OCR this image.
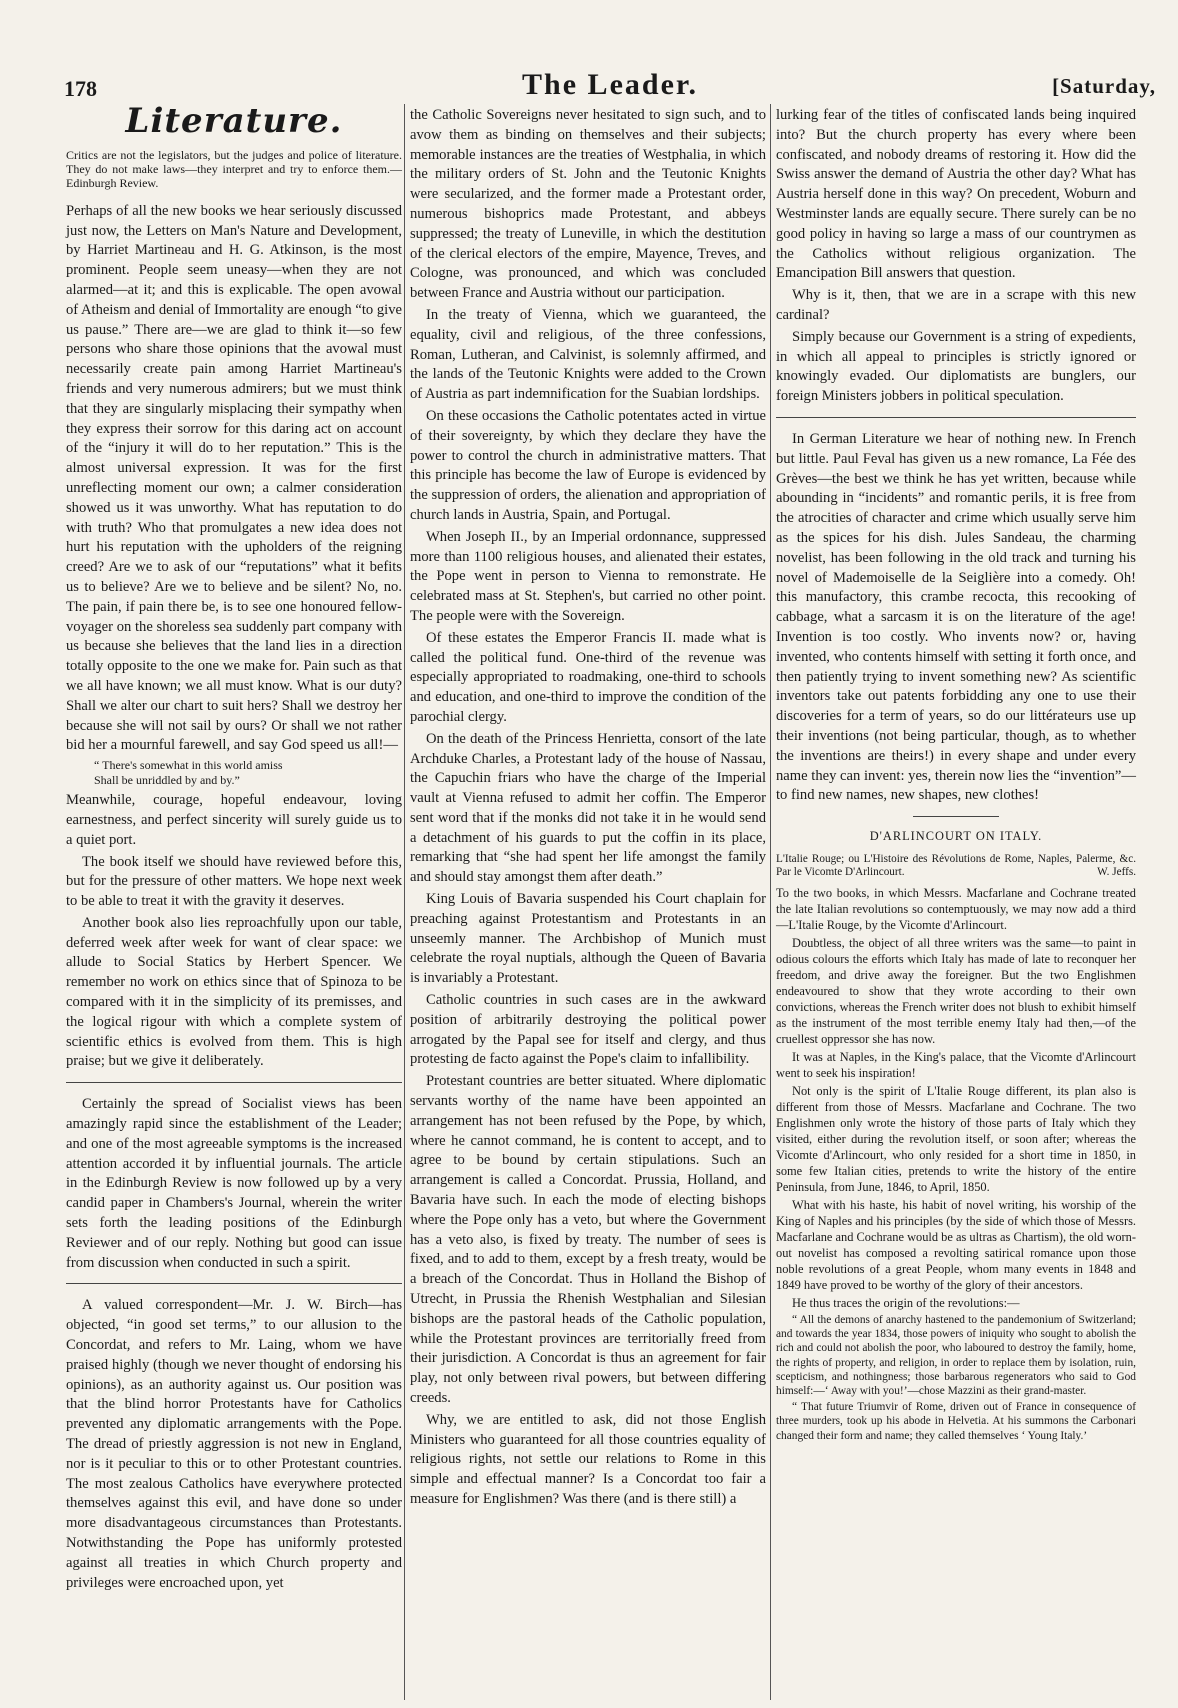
178	The Leader.	[Saturday,
Literature.
Critics are not the legislators, but the judges and police of literature. They do not make laws—they interpret and try to enforce them.—Edinburgh Review.

Perhaps of all the new books we hear seriously discussed just now, the Letters on Man's Nature and Development, by Harriet Martineau and H. G. Atkinson, is the most prominent. People seem uneasy—when they are not alarmed—at it; and this is explicable. The open avowal of Atheism and denial of Immortality are enough “to give us pause.” There are—we are glad to think it—so few persons who share those opinions that the avowal must necessarily create pain among Harriet Martineau's friends and very numerous admirers; but we must think that they are singularly misplacing their sympathy when they express their sorrow for this daring act on account of the “injury it will do to her reputation.” This is the almost universal expression. It was for the first unreflecting moment our own; a calmer consideration showed us it was unworthy. What has reputation to do with truth? Who that promulgates a new idea does not hurt his reputation with the upholders of the reigning creed? Are we to ask of our “reputations” what it befits us to believe? Are we to believe and be silent? No, no. The pain, if pain there be, is to see one honoured fellow-voyager on the shoreless sea suddenly part company with us because she believes that the land lies in a direction totally opposite to the one we make for. Pain such as that we all have known; we all must know. What is our duty? Shall we alter our chart to suit hers? Shall we destroy her because she will not sail by ours? Or shall we not rather bid her a mournful farewell, and say God speed us all!—

“ There's somewhat in this world amiss
Shall be unriddled by and by.”

Meanwhile, courage, hopeful endeavour, loving earnestness, and perfect sincerity will surely guide us to a quiet port.

The book itself we should have reviewed before this, but for the pressure of other matters. We hope next week to be able to treat it with the gravity it deserves.

Another book also lies reproachfully upon our table, deferred week after week for want of clear space: we allude to Social Statics by Herbert Spencer. We remember no work on ethics since that of Spinoza to be compared with it in the simplicity of its premisses, and the logical rigour with which a complete system of scientific ethics is evolved from them. This is high praise; but we give it deliberately.

Certainly the spread of Socialist views has been amazingly rapid since the establishment of the Leader; and one of the most agreeable symptoms is the increased attention accorded it by influential journals. The article in the Edinburgh Review is now followed up by a very candid paper in Chambers's Journal, wherein the writer sets forth the leading positions of the Edinburgh Reviewer and of our reply. Nothing but good can issue from discussion when conducted in such a spirit.

A valued correspondent—Mr. J. W. Birch—has objected, “in good set terms,” to our allusion to the Concordat, and refers to Mr. Laing, whom we have praised highly (though we never thought of endorsing his opinions), as an authority against us. Our position was that the blind horror Protestants have for Catholics prevented any diplomatic arrangements with the Pope. The dread of priestly aggression is not new in England, nor is it peculiar to this or to other Protestant countries. The most zealous Catholics have everywhere protected themselves against this evil, and have done so under more disadvantageous circumstances than Protestants. Notwithstanding the Pope has uniformly protested against all treaties in which Church property and privileges were encroached upon, yet

the Catholic Sovereigns never hesitated to sign such, and to avow them as binding on themselves and their subjects; memorable instances are the treaties of Westphalia, in which the military orders of St. John and the Teutonic Knights were secularized, and the former made a Protestant order, numerous bishoprics made Protestant, and abbeys suppressed; the treaty of Luneville, in which the destitution of the clerical electors of the empire, Mayence, Treves, and Cologne, was pronounced, and which was concluded between France and Austria without our participation.

In the treaty of Vienna, which we guaranteed, the equality, civil and religious, of the three confessions, Roman, Lutheran, and Calvinist, is solemnly affirmed, and the lands of the Teutonic Knights were added to the Crown of Austria as part indemnification for the Suabian lordships.

On these occasions the Catholic potentates acted in virtue of their sovereignty, by which they declare they have the power to control the church in administrative matters. That this principle has become the law of Europe is evidenced by the suppression of orders, the alienation and appropriation of church lands in Austria, Spain, and Portugal.

When Joseph II., by an Imperial ordonnance, suppressed more than 1100 religious houses, and alienated their estates, the Pope went in person to Vienna to remonstrate. He celebrated mass at St. Stephen's, but carried no other point. The people were with the Sovereign.

Of these estates the Emperor Francis II. made what is called the political fund. One-third of the revenue was especially appropriated to roadmaking, one-third to schools and education, and one-third to improve the condition of the parochial clergy.

On the death of the Princess Henrietta, consort of the late Archduke Charles, a Protestant lady of the house of Nassau, the Capuchin friars who have the charge of the Imperial vault at Vienna refused to admit her coffin. The Emperor sent word that if the monks did not take it in he would send a detachment of his guards to put the coffin in its place, remarking that “she had spent her life amongst the family and should stay amongst them after death.”

King Louis of Bavaria suspended his Court chaplain for preaching against Protestantism and Protestants in an unseemly manner. The Archbishop of Munich must celebrate the royal nuptials, although the Queen of Bavaria is invariably a Protestant.

Catholic countries in such cases are in the awkward position of arbitrarily destroying the political power arrogated by the Papal see for itself and clergy, and thus protesting de facto against the Pope's claim to infallibility.

Protestant countries are better situated. Where diplomatic servants worthy of the name have been appointed an arrangement has not been refused by the Pope, by which, where he cannot command, he is content to accept, and to agree to be bound by certain stipulations. Such an arrangement is called a Concordat. Prussia, Holland, and Bavaria have such. In each the mode of electing bishops where the Pope only has a veto, but where the Government has a veto also, is fixed by treaty. The number of sees is fixed, and to add to them, except by a fresh treaty, would be a breach of the Concordat. Thus in Holland the Bishop of Utrecht, in Prussia the Rhenish Westphalian and Silesian bishops are the pastoral heads of the Catholic population, while the Protestant provinces are territorially freed from their jurisdiction. A Concordat is thus an agreement for fair play, not only between rival powers, but between differing creeds.

Why, we are entitled to ask, did not those English Ministers who guaranteed for all those countries equality of religious rights, not settle our relations to Rome in this simple and effectual manner? Is a Concordat too fair a measure for Englishmen? Was there (and is there still) a

lurking fear of the titles of confiscated lands being inquired into? But the church property has every where been confiscated, and nobody dreams of restoring it. How did the Swiss answer the demand of Austria the other day? What has Austria herself done in this way? On precedent, Woburn and Westminster lands are equally secure. There surely can be no good policy in having so large a mass of our countrymen as the Catholics without religious organization. The Emancipation Bill answers that question.

Why is it, then, that we are in a scrape with this new cardinal?

Simply because our Government is a string of expedients, in which all appeal to principles is strictly ignored or knowingly evaded. Our diplomatists are bunglers, our foreign Ministers jobbers in political speculation.

In German Literature we hear of nothing new. In French but little. Paul Feval has given us a new romance, La Fée des Grèves—the best we think he has yet written, because while abounding in “incidents” and romantic perils, it is free from the atrocities of character and crime which usually serve him as the spices for his dish. Jules Sandeau, the charming novelist, has been following in the old track and turning his novel of Mademoiselle de la Seiglière into a comedy. Oh! this manufactory, this crambe recocta, this recooking of cabbage, what a sarcasm it is on the literature of the age! Invention is too costly. Who invents now? or, having invented, who contents himself with setting it forth once, and then patiently trying to invent something new? As scientific inventors take out patents forbidding any one to use their discoveries for a term of years, so do our littérateurs use up their inventions (not being particular, though, as to whether the inventions are theirs!) in every shape and under every name they can invent: yes, therein now lies the “invention”—to find new names, new shapes, new clothes!

D'ARLINCOURT ON ITALY.
L'Italie Rouge; ou L'Histoire des Révolutions de Rome, Naples, Palerme, &c. Par le Vicomte D'Arlincourt.	W. Jeffs.

To the two books, in which Messrs. Macfarlane and Cochrane treated the late Italian revolutions so contemptuously, we may now add a third—L'Italie Rouge, by the Vicomte d'Arlincourt.

Doubtless, the object of all three writers was the same—to paint in odious colours the efforts which Italy has made of late to reconquer her freedom, and drive away the foreigner. But the two Englishmen endeavoured to show that they wrote according to their own convictions, whereas the French writer does not blush to exhibit himself as the instrument of the most terrible enemy Italy had then,—of the cruellest oppressor she has now.

It was at Naples, in the King's palace, that the Vicomte d'Arlincourt went to seek his inspiration!

Not only is the spirit of L'Italie Rouge different, its plan also is different from those of Messrs. Macfarlane and Cochrane. The two Englishmen only wrote the history of those parts of Italy which they visited, either during the revolution itself, or soon after; whereas the Vicomte d'Arlincourt, who only resided for a short time in 1850, in some few Italian cities, pretends to write the history of the entire Peninsula, from June, 1846, to April, 1850.

What with his haste, his habit of novel writing, his worship of the King of Naples and his principles (by the side of which those of Messrs. Macfarlane and Cochrane would be as ultras as Chartism), the old worn-out novelist has composed a revolting satirical romance upon those noble revolutions of a great People, whom many events in 1848 and 1849 have proved to be worthy of the glory of their ancestors.

He thus traces the origin of the revolutions:—

“ All the demons of anarchy hastened to the pandemonium of Switzerland; and towards the year 1834, those powers of iniquity who sought to abolish the rich and could not abolish the poor, who laboured to destroy the family, home, the rights of property, and religion, in order to replace them by isolation, ruin, scepticism, and nothingness; those barbarous regenerators who said to God himself:—‘ Away with you!’—chose Mazzini as their grand-master.

“ That future Triumvir of Rome, driven out of France in consequence of three murders, took up his abode in Helvetia. At his summons the Carbonari changed their form and name; they called themselves ‘ Young Italy.’
